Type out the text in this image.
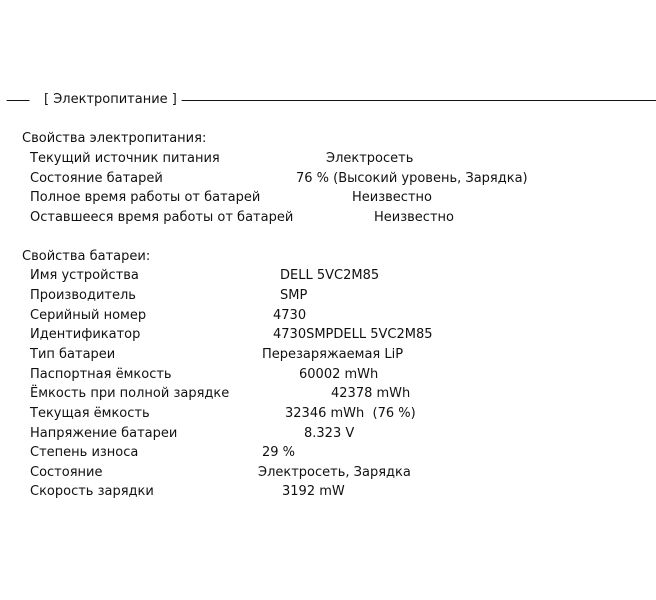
-------- [ Электропитание ] ------------------------------------------------------------------------------------------------------------------------------------------------------------------------
Свойства электропитания:
Текущий источник питания	Электросеть
Состояние батарей	76 % (Высокий уровень, Зарядка)
Полное время работы от батарей	Неизвестно
Оставшееся время работы от батарей	Неизвестно
Свойства батареи:
Имя устройства	DELL 5VC2M85
Производитель	SMP
Серийный номер	4730
Идентификатор	4730SMPDELL 5VC2M85
Тип батареи	Перезаряжаемая LiP
Паспортная ёмкость	60002 mWh
Ёмкость при полной зарядке	42378 mWh
Текущая ёмкость	32346 mWh  (76 %)
Напряжение батареи	8.323 V
Степень износа	29 %
Состояние	Электросеть, Зарядка
Скорость зарядки	3192 mW
